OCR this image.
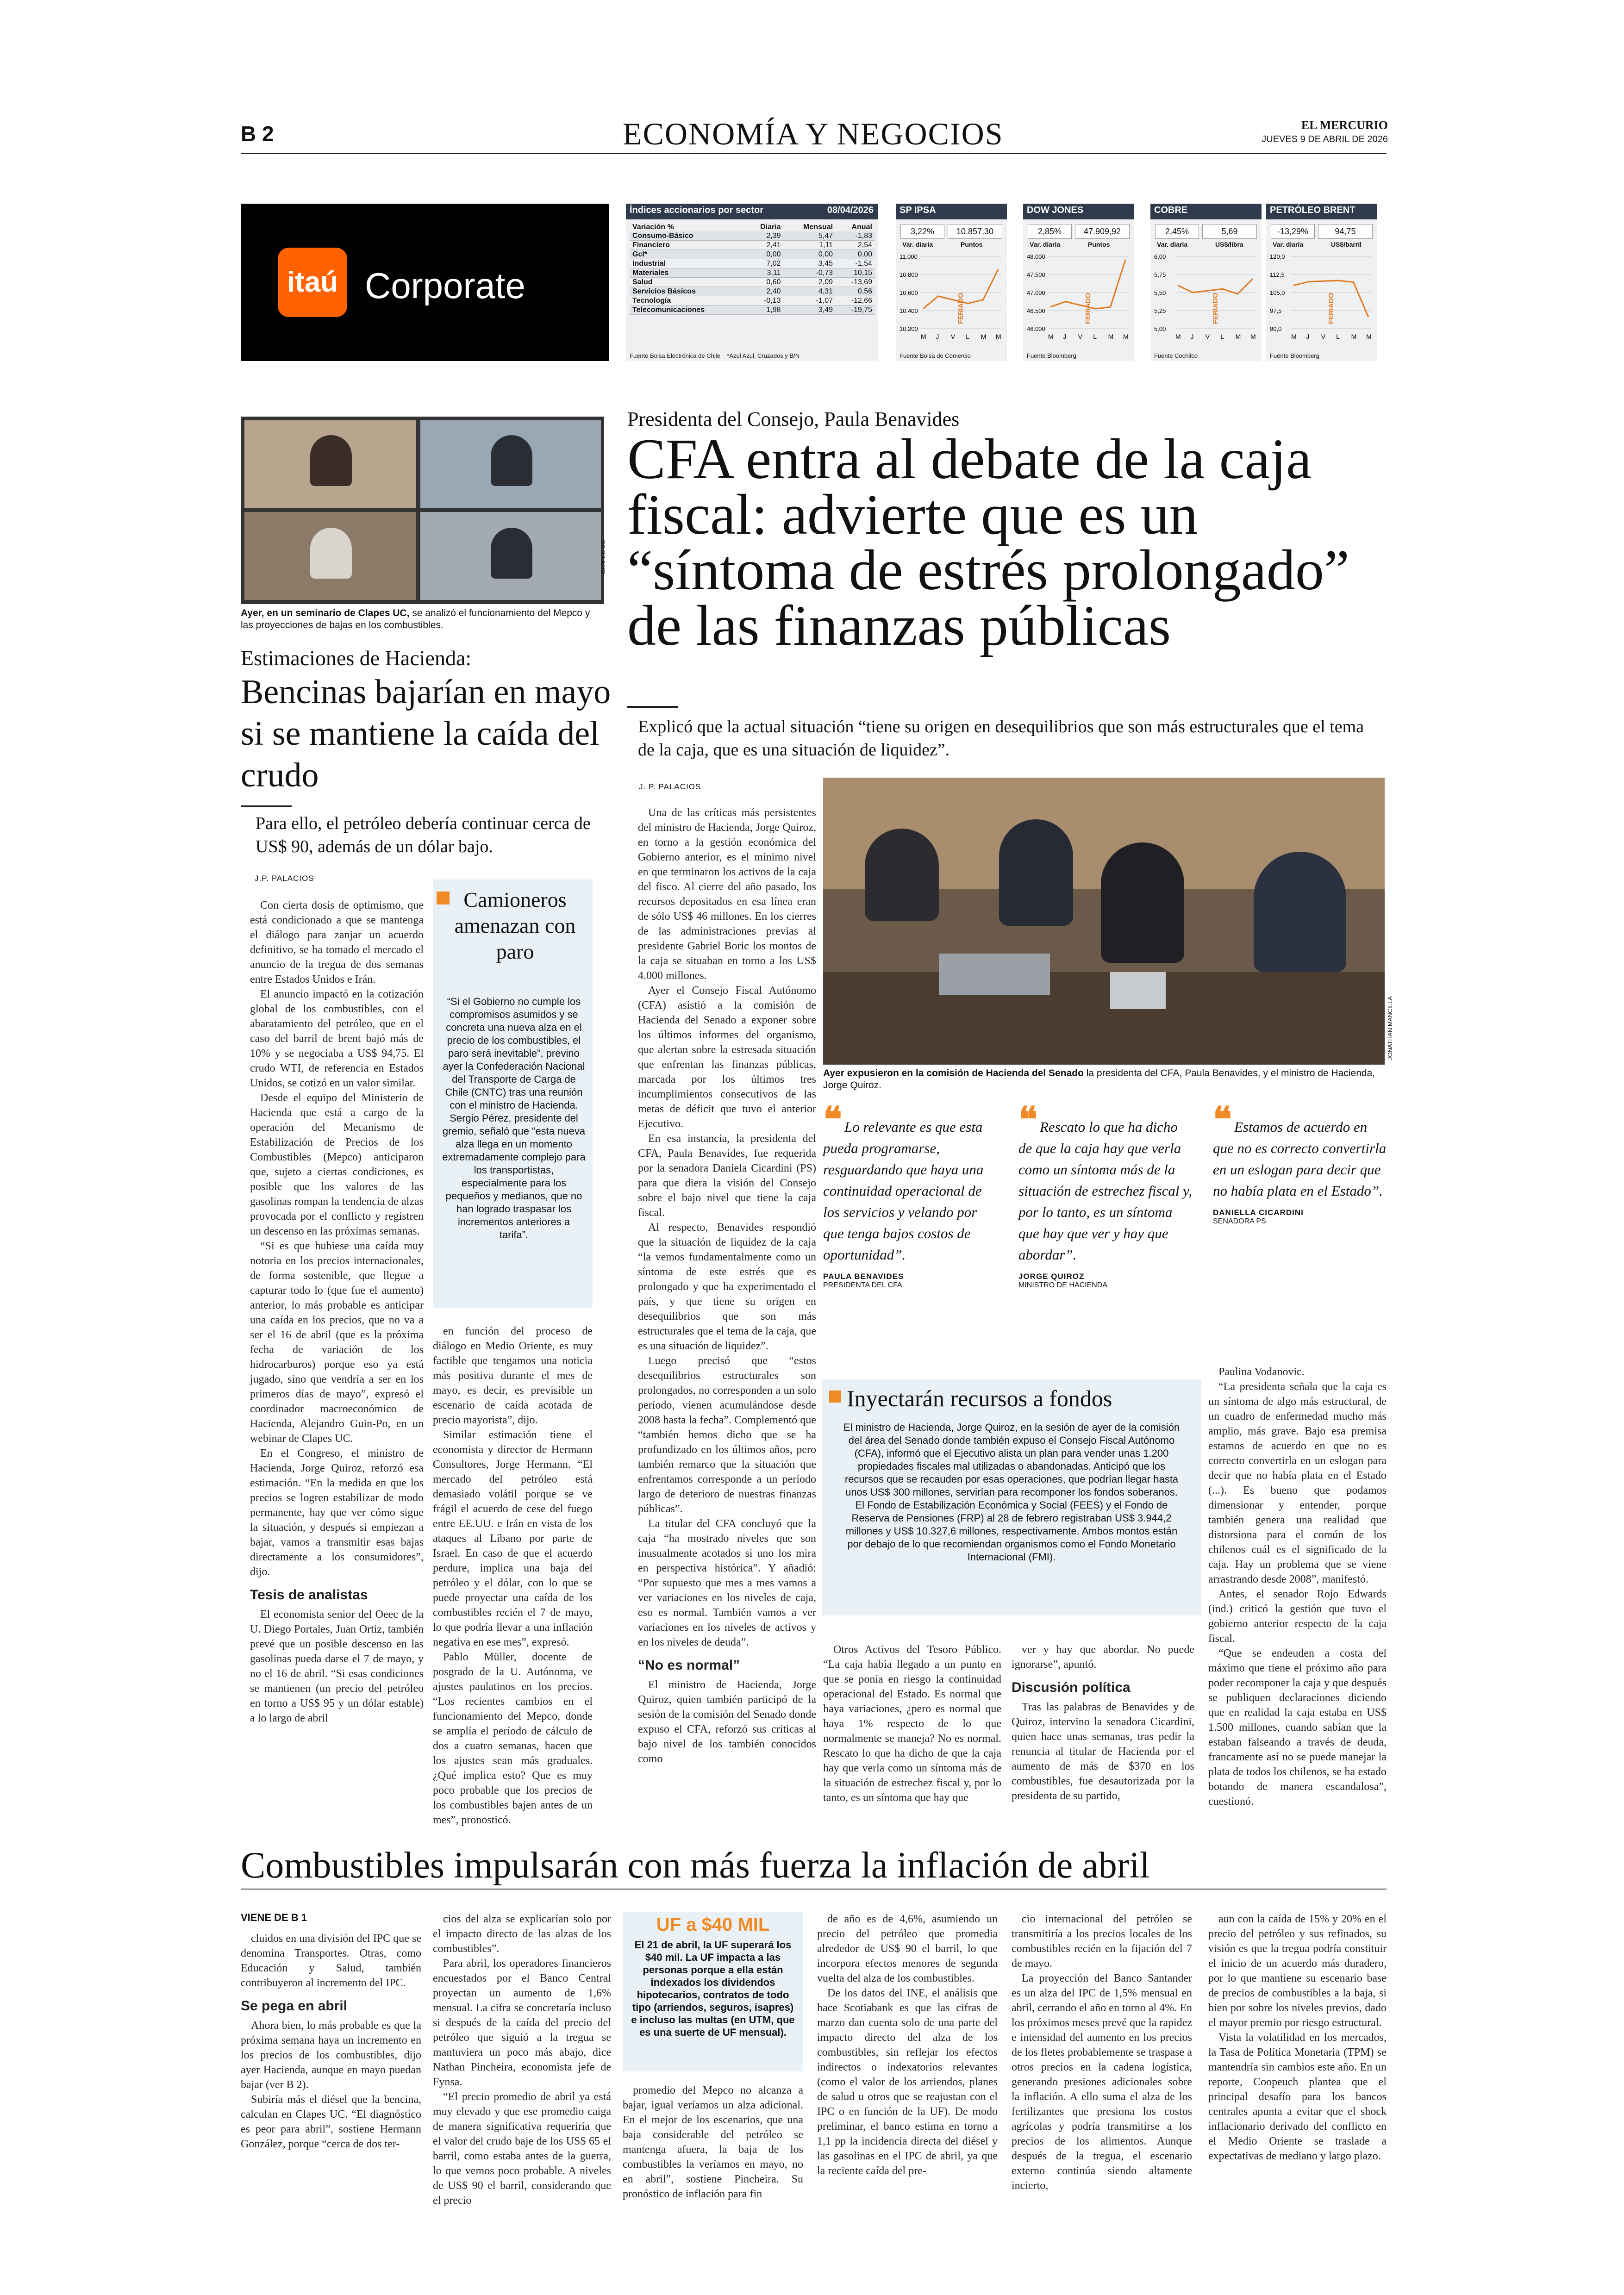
B 2	ECONOMÍA Y NEGOCIOS	EL MERCURIO
JUEVES 9 DE ABRIL DE 2026
itaú Corporate
Índices accionarios por sector	08/04/2026
Variación %	Diaria	Mensual	Anual
Consumo-Básico	2,39	5,47	-1,83
Financiero	2,41	1,11	2,54
Gcl*	0,00	0,00	0,00
Industrial	7,02	3,45	-1,54
Materiales	3,11	-0,73	10,15
Salud	0,60	2,09	-13,69
Servicios Básicos	2,40	4,31	0,56
Tecnología	-0,13	-1,07	-12,66
Telecomunicaciones	1,98	3,49	-19,75
Fuente Bolsa Electrónica de Chile *Azul Azul, Cruzados y B/N
SP IPSA
3,22%	10.857,30
Var. diaria	Puntos
11.000
10.800
10.600
10.400
10.200
M J V L M M
FERIADO
Fuente Bolsa de Comercio
DOW JONES
2,85%	47.909,92
Var. diaria	Puntos
48.000
47.500
47.000
46.500
46.000
M J V L M M
FERIADO
Fuente Bloomberg
COBRE
2,45%	5,69
Var. diaria	US$/libra
6,00
5,75
5,50
5,25
5,00
M J V L M M
FERIADO
Fuente Cochilco
PETRÓLEO BRENT
-13,29%	94,75
Var. diaria	US$/barril
120,0
112,5
105,0
97,5
90,0
M J V L M M
FERIADO
Fuente Bloomberg
CLAPES UC
Ayer, en un seminario de Clapes UC, se analizó el funcionamiento del Mepco y las proyecciones de bajas en los combustibles.
Estimaciones de Hacienda:
Bencinas bajarían en mayo si se mantiene la caída del crudo
Para ello, el petróleo debería continuar cerca de US$ 90, además de un dólar bajo.
J.P. PALACIOS

Con cierta dosis de optimismo, que está condicionado a que se mantenga el diálogo para zanjar un acuerdo definitivo, se ha tomado el mercado el anuncio de la tregua de dos semanas entre Estados Unidos e Irán.

El anuncio impactó en la cotización global de los combustibles, con el abaratamiento del petróleo, que en el caso del barril de brent bajó más de 10% y se negociaba a US$ 94,75. El crudo WTI, de referencia en Estados Unidos, se cotizó en un valor similar.

Desde el equipo del Ministerio de Hacienda que está a cargo de la operación del Mecanismo de Estabilización de Precios de los Combustibles (Mepco) anticiparon que, sujeto a ciertas condiciones, es posible que los valores de las gasolinas rompan la tendencia de alzas provocada por el conflicto y registren un descenso en las próximas semanas.

“Si es que hubiese una caída muy notoria en los precios internacionales, de forma sostenible, que llegue a capturar todo lo (que fue el aumento) anterior, lo más probable es anticipar una caída en los precios, que no va a ser el 16 de abril (que es la próxima fecha de variación de los hidrocarburos) porque eso ya está jugado, sino que vendría a ser en los primeros días de mayo”, expresó el coordinador macroeconómico de Hacienda, Alejandro Guin-Po, en un webinar de Clapes UC.

En el Congreso, el ministro de Hacienda, Jorge Quiroz, reforzó esa estimación. “En la medida en que los precios se logren estabilizar de modo permanente, hay que ver cómo sigue la situación, y después si empiezan a bajar, vamos a transmitir esas bajas directamente a los consumidores”, dijo.

Tesis de analistas

El economista senior del Oeec de la U. Diego Portales, Juan Ortiz, también prevé que un posible descenso en las gasolinas pueda darse el 7 de mayo, y no el 16 de abril. “Si esas condiciones se mantienen (un precio del petróleo en torno a US$ 95 y un dólar estable) a lo largo de abril

Camioneros amenazan con paro
“Si el Gobierno no cumple los compromisos asumidos y se concreta una nueva alza en el precio de los combustibles, el paro será inevitable”, previno ayer la Confederación Nacional del Transporte de Carga de Chile (CNTC) tras una reunión con el ministro de Hacienda. Sergio Pérez, presidente del gremio, señaló que “esta nueva alza llega en un momento extremadamente complejo para los transportistas, especialmente para los pequeños y medianos, que no han logrado traspasar los incrementos anteriores a tarifa”.

en función del proceso de diálogo en Medio Oriente, es muy factible que tengamos una noticia más positiva durante el mes de mayo, es decir, es previsible un escenario de caída acotada de precio mayorista”, dijo.

Similar estimación tiene el economista y director de Hermann Consultores, Jorge Hermann. “El mercado del petróleo está demasiado volátil porque se ve frágil el acuerdo de cese del fuego entre EE.UU. e Irán en vista de los ataques al Líbano por parte de Israel. En caso de que el acuerdo perdure, implica una baja del petróleo y el dólar, con lo que se puede proyectar una caída de los combustibles recién el 7 de mayo, lo que podría llevar a una inflación negativa en ese mes”, expresó.

Pablo Müller, docente de posgrado de la U. Autónoma, ve ajustes paulatinos en los precios. “Los recientes cambios en el funcionamiento del Mepco, donde se amplía el período de cálculo de dos a cuatro semanas, hacen que los ajustes sean más graduales. ¿Qué implica esto? Que es muy poco probable que los precios de los combustibles bajen antes de un mes”, pronosticó.

Presidenta del Consejo, Paula Benavides
CFA entra al debate de la caja fiscal: advierte que es un “síntoma de estrés prolongado” de las finanzas públicas
Explicó que la actual situación “tiene su origen en desequilibrios que son más estructurales que el tema de la caja, que es una situación de liquidez”.
J. P. PALACIOS

Una de las críticas más persistentes del ministro de Hacienda, Jorge Quiroz, en torno a la gestión económica del Gobierno anterior, es el mínimo nivel en que terminaron los activos de la caja del fisco. Al cierre del año pasado, los recursos depositados en esa línea eran de sólo US$ 46 millones. En los cierres de las administraciones previas al presidente Gabriel Boric los montos de la caja se situaban en torno a los US$ 4.000 millones.

Ayer el Consejo Fiscal Autónomo (CFA) asistió a la comisión de Hacienda del Senado a exponer sobre los últimos informes del organismo, que alertan sobre la estresada situación que enfrentan las finanzas públicas, marcada por los últimos tres incumplimientos consecutivos de las metas de déficit que tuvo el anterior Ejecutivo.

En esa instancia, la presidenta del CFA, Paula Benavides, fue requerida por la senadora Daniela Cicardini (PS) para que diera la visión del Consejo sobre el bajo nivel que tiene la caja fiscal.

Al respecto, Benavides respondió que la situación de liquidez de la caja “la vemos fundamentalmente como un síntoma de este estrés que es prolongado y que ha experimentado el país, y que tiene su origen en desequilibrios que son más estructurales que el tema de la caja, que es una situación de liquidez”.

Luego precisó que “estos desequilibrios estructurales son prolongados, no corresponden a un solo período, vienen acumulándose desde 2008 hasta la fecha”. Complementó que “también hemos dicho que se ha profundizado en los últimos años, pero también remarco que la situación que enfrentamos corresponde a un período largo de deterioro de nuestras finanzas públicas”.

La titular del CFA concluyó que la caja “ha mostrado niveles que son inusualmente acotados si uno los mira en perspectiva histórica”. Y añadió: “Por supuesto que mes a mes vamos a ver variaciones en los niveles de caja, eso es normal. También vamos a ver variaciones en los niveles de activos y en los niveles de deuda”.

“No es normal”

El ministro de Hacienda, Jorge Quiroz, quien también participó de la sesión de la comisión del Senado donde expuso el CFA, reforzó sus críticas al bajo nivel de los también conocidos como

JONATHAN MANCILLA
Ayer expusieron en la comisión de Hacienda del Senado la presidenta del CFA, Paula Benavides, y el ministro de Hacienda, Jorge Quiroz.
❝ Lo relevante es que esta pueda programarse, resguardando que haya una continuidad operacional de los servicios y velando por que tenga bajos costos de oportunidad”.
PAULA BENAVIDES
PRESIDENTA DEL CFA
❝ Rescato lo que ha dicho de que la caja hay que verla como un síntoma más de la situación de estrechez fiscal y, por lo tanto, es un síntoma que hay que ver y hay que abordar”.
JORGE QUIROZ
MINISTRO DE HACIENDA
❝ Estamos de acuerdo en que no es correcto convertirla en un eslogan para decir que no había plata en el Estado”.
DANIELLA CICARDINI
SENADORA PS
Inyectarán recursos a fondos
El ministro de Hacienda, Jorge Quiroz, en la sesión de ayer de la comisión del área del Senado donde también expuso el Consejo Fiscal Autónomo (CFA), informó que el Ejecutivo alista un plan para vender unas 1.200 propiedades fiscales mal utilizadas o abandonadas. Anticipó que los recursos que se recauden por esas operaciones, que podrían llegar hasta unos US$ 300 millones, servirían para recomponer los fondos soberanos. El Fondo de Estabilización Económica y Social (FEES) y el Fondo de Reserva de Pensiones (FRP) al 28 de febrero registraban US$ 3.944,2 millones y US$ 10.327,6 millones, respectivamente. Ambos montos están por debajo de lo que recomiendan organismos como el Fondo Monetario Internacional (FMI).

Otros Activos del Tesoro Público. “La caja había llegado a un punto en que se ponía en riesgo la continuidad operacional del Estado. Es normal que haya variaciones, ¿pero es normal que haya 1% respecto de lo que normalmente se maneja? No es normal. Rescato lo que ha dicho de que la caja hay que verla como un síntoma más de la situación de estrechez fiscal y, por lo tanto, es un síntoma que hay que

ver y hay que abordar. No puede ignorarse”, apuntó.

Discusión política

Tras las palabras de Benavides y de Quiroz, intervino la senadora Cicardini, quien hace unas semanas, tras pedir la renuncia al titular de Hacienda por el aumento de más de $370 en los combustibles, fue desautorizada por la presidenta de su partido,

Paulina Vodanovic.

“La presidenta señala que la caja es un síntoma de algo más estructural, de un cuadro de enfermedad mucho más amplio, más grave. Bajo esa premisa estamos de acuerdo en que no es correcto convertirla en un eslogan para decir que no había plata en el Estado (...). Es bueno que podamos dimensionar y entender, porque también genera una realidad que distorsiona para el común de los chilenos cuál es el significado de la caja. Hay un problema que se viene arrastrando desde 2008”, manifestó.

Antes, el senador Rojo Edwards (ind.) criticó la gestión que tuvo el gobierno anterior respecto de la caja fiscal.

“Que se endeuden a costa del máximo que tiene el próximo año para poder recomponer la caja y que después se publiquen declaraciones diciendo que en realidad la caja estaba en US$ 1.500 millones, cuando sabían que la estaban falseando a través de deuda, francamente así no se puede manejar la plata de todos los chilenos, se ha estado botando de manera escandalosa”, cuestionó.

Combustibles impulsarán con más fuerza la inflación de abril
VIENE DE B 1

cluidos en una división del IPC que se denomina Transportes. Otras, como Educación y Salud, también contribuyeron al incremento del IPC.

Se pega en abril

Ahora bien, lo más probable es que la próxima semana haya un incremento en los precios de los combustibles, dijo ayer Hacienda, aunque en mayo puedan bajar (ver B 2).

Subiría más el diésel que la bencina, calculan en Clapes UC. “El diagnóstico es peor para abril”, sostiene Hermann González, porque “cerca de dos ter-

cios del alza se explicarían solo por el impacto directo de las alzas de los combustibles”.

Para abril, los operadores financieros encuestados por el Banco Central proyectan un aumento de 1,6% mensual. La cifra se concretaría incluso si después de la caída del precio del petróleo que siguió a la tregua se mantuviera un poco más abajo, dice Nathan Pincheira, economista jefe de Fynsa.

“El precio promedio de abril ya está muy elevado y que ese promedio caiga de manera significativa requeriría que el valor del crudo baje de los US$ 65 el barril, como estaba antes de la guerra, lo que vemos poco probable. A niveles de US$ 90 el barril, considerando que el precio

UF a $40 MIL
El 21 de abril, la UF superará los $40 mil. La UF impacta a las personas porque a ella están indexados los dividendos hipotecarios, contratos de todo tipo (arriendos, seguros, isapres) e incluso las multas (en UTM, que es una suerte de UF mensual).

promedio del Mepco no alcanza a bajar, igual veríamos un alza adicional. En el mejor de los escenarios, que una baja considerable del petróleo se mantenga afuera, la baja de los combustibles la veríamos en mayo, no en abril”, sostiene Pincheira. Su pronóstico de inflación para fin

de año es de 4,6%, asumiendo un precio del petróleo que promedia alrededor de US$ 90 el barril, lo que incorpora efectos menores de segunda vuelta del alza de los combustibles.

De los datos del INE, el análisis que hace Scotiabank es que las cifras de marzo dan cuenta solo de una parte del impacto directo del alza de los combustibles, sin reflejar los efectos indirectos o indexatorios relevantes (como el valor de los arriendos, planes de salud u otros que se reajustan con el IPC o en función de la UF). De modo preliminar, el banco estima en torno a 1,1 pp la incidencia directa del diésel y las gasolinas en el IPC de abril, ya que la reciente caída del pre-

cio internacional del petróleo se transmitiría a los precios locales de los combustibles recién en la fijación del 7 de mayo.

La proyección del Banco Santander es un alza del IPC de 1,5% mensual en abril, cerrando el año en torno al 4%. En los próximos meses prevé que la rapidez e intensidad del aumento en los precios de los fletes probablemente se traspase a otros precios en la cadena logística, generando presiones adicionales sobre la inflación. A ello suma el alza de los fertilizantes que presiona los costos agrícolas y podría transmitirse a los precios de los alimentos. Aunque después de la tregua, el escenario externo continúa siendo altamente incierto,

aun con la caída de 15% y 20% en el precio del petróleo y sus refinados, su visión es que la tregua podría constituir el inicio de un acuerdo más duradero, por lo que mantiene su escenario base de precios de combustibles a la baja, si bien por sobre los niveles previos, dado el mayor premio por riesgo estructural.

Vista la volatilidad en los mercados, la Tasa de Política Monetaria (TPM) se mantendría sin cambios este año. En un reporte, Coopeuch plantea que el principal desafío para los bancos centrales apunta a evitar que el shock inflacionario derivado del conflicto en el Medio Oriente se traslade a expectativas de mediano y largo plazo.
